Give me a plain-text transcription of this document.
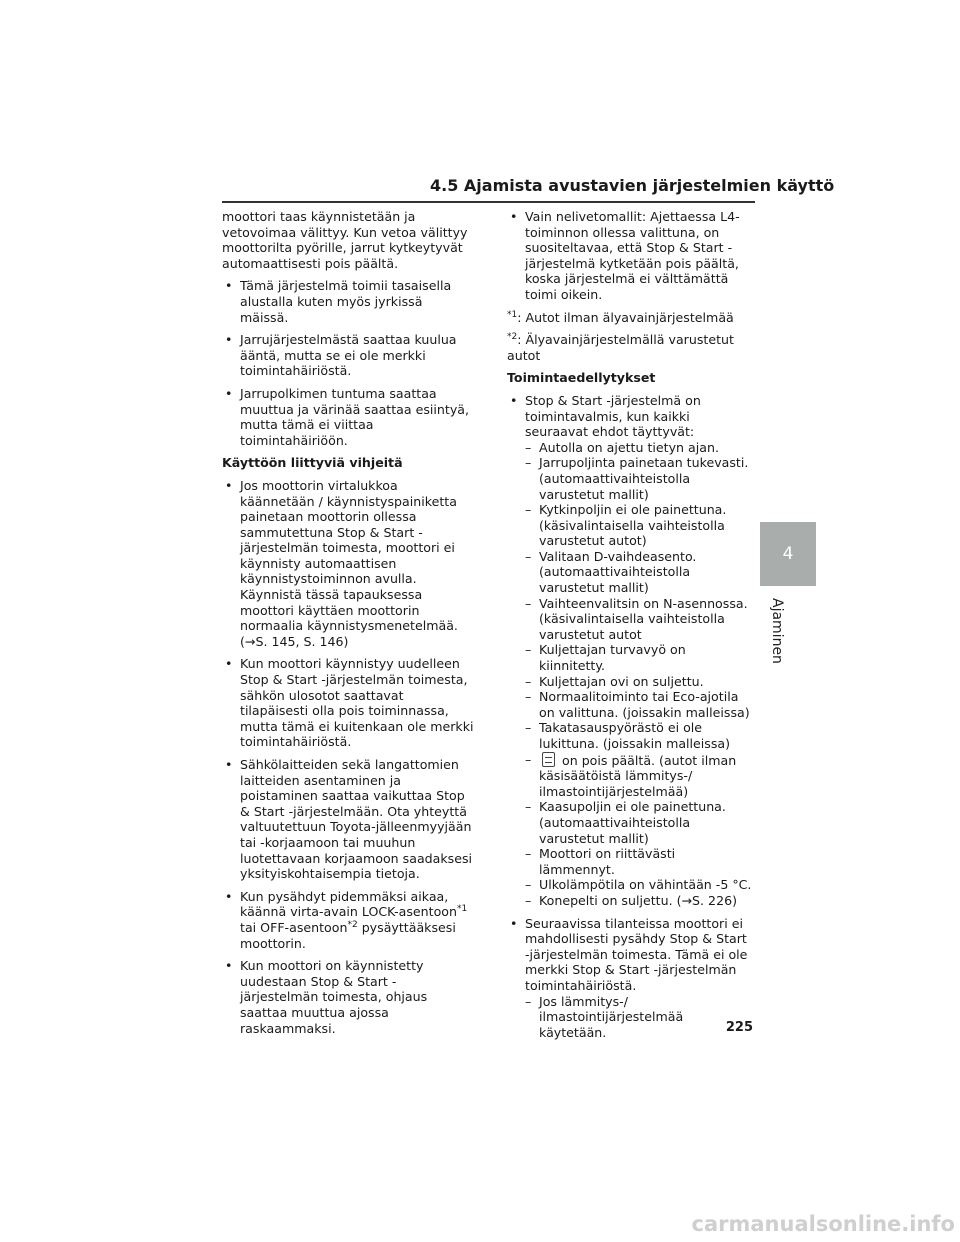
4.5 Ajamista avustavien järjestelmien käyttö

moottori taas käynnistetään ja vetovoimaa välittyy. Kun vetoa välittyy moottorilta pyörille, jarrut kytkeytyvät automaattisesti pois päältä.

• Tämä järjestelmä toimii tasaisella alustalla kuten myös jyrkissä mäissä.
• Jarrujärjestelmästä saattaa kuulua ääntä, mutta se ei ole merkki toimintahäiriöstä.
• Jarrupolkimen tuntuma saattaa muuttua ja värinää saattaa esiintyä, mutta tämä ei viittaa toimintahäiriöön.
Käyttöön liittyviä vihjeitä
• Jos moottorin virtalukkoa käännetään / käynnistyspainiketta painetaan moottorin ollessa sammutettuna Stop & Start -järjestelmän toimesta, moottori ei käynnisty automaattisen käynnistystoiminnon avulla. Käynnistä tässä tapauksessa moottori käyttäen moottorin normaalia käynnistysmenetelmää. (→S. 145, S. 146)
• Kun moottori käynnistyy uudelleen Stop & Start -järjestelmän toimesta, sähkön ulosotot saattavat tilapäisesti olla pois toiminnassa, mutta tämä ei kuitenkaan ole merkki toimintahäiriöstä.
• Sähkölaitteiden sekä langattomien laitteiden asentaminen ja poistaminen saattaa vaikuttaa Stop & Start -järjestelmään. Ota yhteyttä valtuutettuun Toyota-jälleenmyyjään tai -korjaamoon tai muuhun luotettavaan korjaamoon saadaksesi yksityiskohtaisempia tietoja.
• Kun pysähdyt pidemmäksi aikaa, käännä virta-avain LOCK-asentoon$^{*1}$ tai OFF-asentoon$^{*2}$ pysäyttääksesi moottorin.
• Kun moottori on käynnistetty uudestaan Stop & Start -järjestelmän toimesta, ohjaus saattaa muuttua ajossa raskaammaksi.
• Vain nelivetomallit: Ajettaessa L4-toiminnon ollessa valittuna, on suositeltavaa, että Stop & Start -järjestelmä kytketään pois päältä, koska järjestelmä ei välttämättä toimi oikein.

$^{*1}$: Autot ilman älyavainjärjestelmää

$^{*2}$: Älyavainjärjestelmällä varustetut autot

Toimintaedellytykset
• Stop & Start -järjestelmä on toimintavalmis, kun kaikki seuraavat ehdot täyttyvät:
– Autolla on ajettu tietyn ajan.
– Jarrupoljinta painetaan tukevasti. (automaattivaihteistolla varustetut mallit)
– Kytkinpoljin ei ole painettuna. (käsivalintaisella vaihteistolla varustetut autot)
– Valitaan D-vaihdeasento. (automaattivaihteistolla varustetut mallit)
– Vaihteenvalitsin on N-asennossa. (käsivalintaisella vaihteistolla varustetut autot
– Kuljettajan turvavyö on kiinnitetty.
– Kuljettajan ovi on suljettu.
– Normaalitoiminto tai Eco-ajotila on valittuna. (joissakin malleissa)
– Takatasauspyörästö ei ole lukittuna. (joissakin malleissa)
– on pois päältä. (autot ilman käsisäätöistä lämmitys-/ ilmastointijärjestelmää)
– Kaasupoljin ei ole painettuna. (automaattivaihteistolla varustetut mallit)
– Moottori on riittävästi lämmennyt.
– Ulkolämpötila on vähintään -5 °C.
– Konepelti on suljettu. (→S. 226)
• Seuraavissa tilanteissa moottori ei mahdollisesti pysähdy Stop & Start -järjestelmän toimesta. Tämä ei ole merkki Stop & Start -järjestelmän toimintahäiriöstä.
– Jos lämmitys-/ ilmastointijärjestelmää käytetään.
4
Ajaminen
225
carmanualsonline.info
